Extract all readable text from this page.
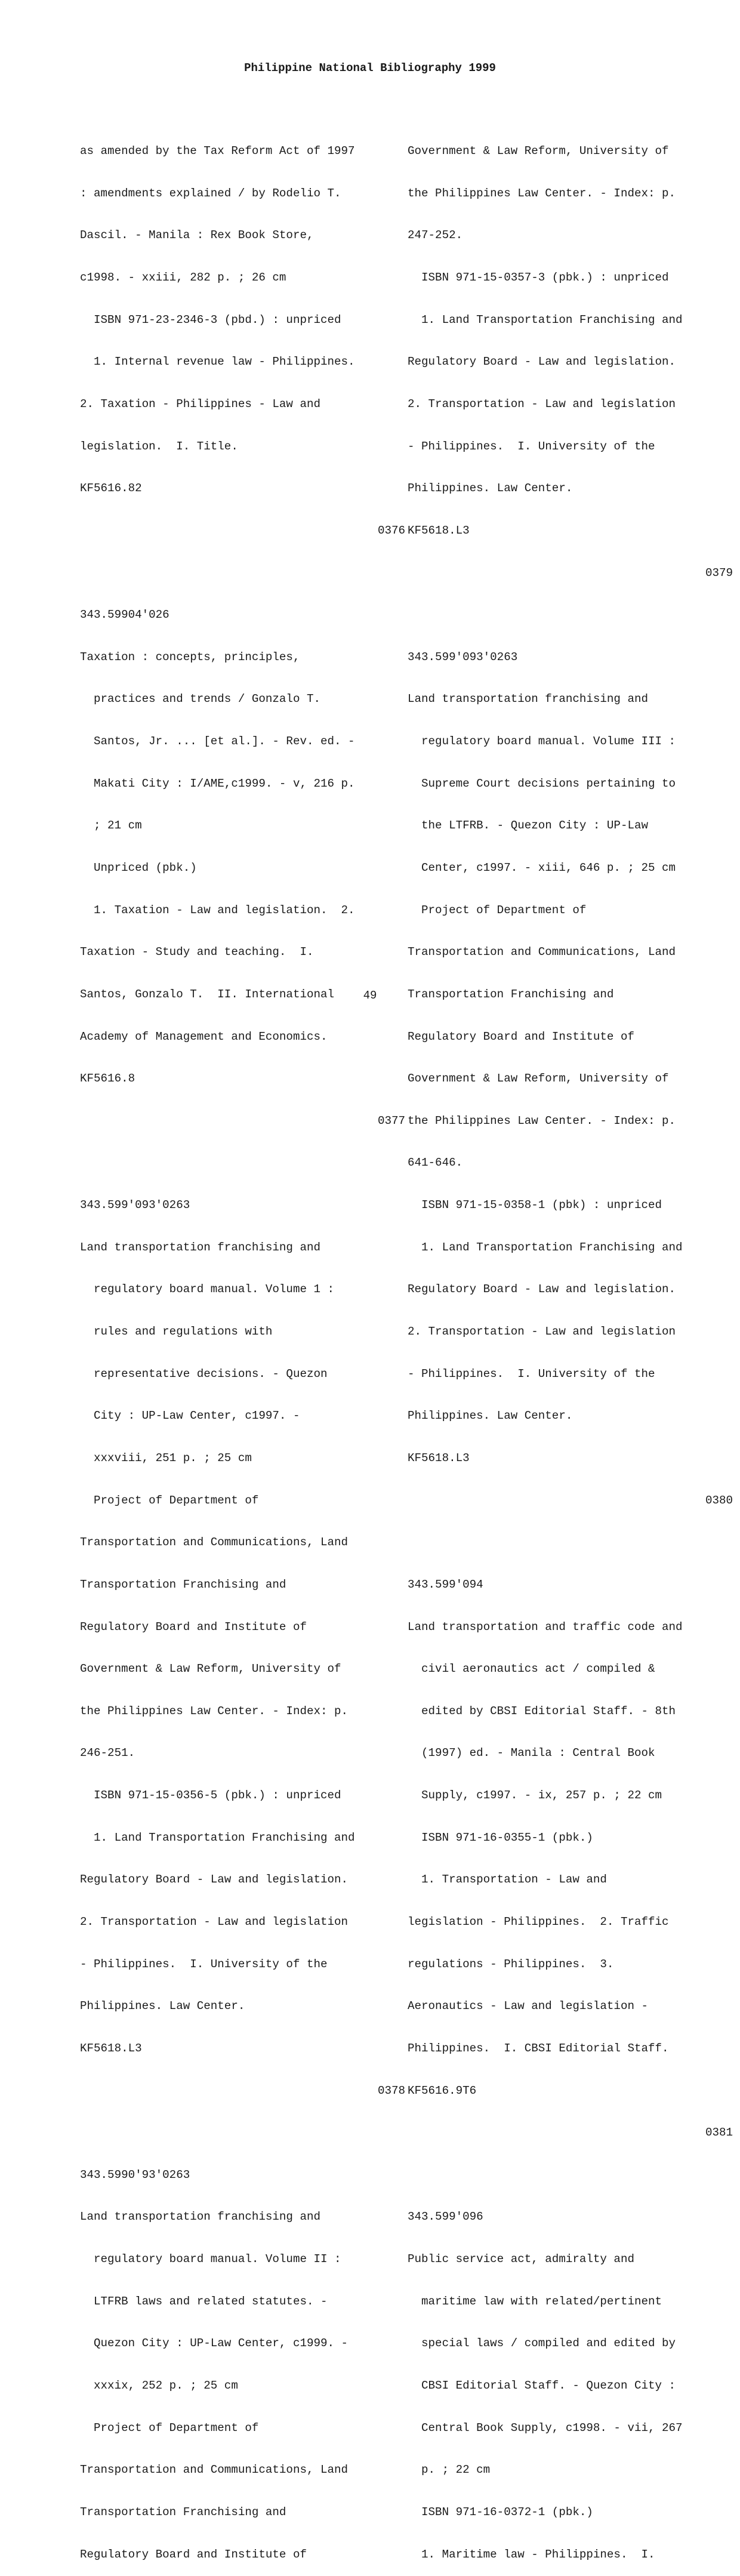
Philippine National Bibliography 1999

as amended by the Tax Reform Act of 1997

: amendments explained / by Rodelio T.

Dascil. - Manila : Rex Book Store,

c1998. - xxiii, 282 p. ; 26 cm

ISBN 971-23-2346-3 (pbd.) : unpriced

1. Internal revenue law - Philippines.

2. Taxation - Philippines - Law and

legislation.  I. Title.

KF5616.82

0376

343.59904'026

Taxation : concepts, principles,

practices and trends / Gonzalo T.

Santos, Jr. ... [et al.]. - Rev. ed. -

Makati City : I/AME,c1999. - v, 216 p.

; 21 cm

Unpriced (pbk.)

1. Taxation - Law and legislation.  2.

Taxation - Study and teaching.  I.

Santos, Gonzalo T.  II. International

Academy of Management and Economics.

KF5616.8

0377

343.599'093'0263

Land transportation franchising and

regulatory board manual. Volume 1 :

rules and regulations with

representative decisions. - Quezon

City : UP-Law Center, c1997. -

xxxviii, 251 p. ; 25 cm

Project of Department of

Transportation and Communications, Land

Transportation Franchising and

Regulatory Board and Institute of

Government & Law Reform, University of

the Philippines Law Center. - Index: p.

246-251.

ISBN 971-15-0356-5 (pbk.) : unpriced

1. Land Transportation Franchising and

Regulatory Board - Law and legislation.

2. Transportation - Law and legislation

- Philippines.  I. University of the

Philippines. Law Center.

KF5618.L3

0378

343.5990'93'0263

Land transportation franchising and

regulatory board manual. Volume II :

LTFRB laws and related statutes. -

Quezon City : UP-Law Center, c1999. -

xxxix, 252 p. ; 25 cm

Project of Department of

Transportation and Communications, Land

Transportation Franchising and

Regulatory Board and Institute of

Government & Law Reform, University of

the Philippines Law Center. - Index: p.

247-252.

ISBN 971-15-0357-3 (pbk.) : unpriced

1. Land Transportation Franchising and

Regulatory Board - Law and legislation.

2. Transportation - Law and legislation

- Philippines.  I. University of the

Philippines. Law Center.

KF5618.L3

0379

343.599'093'0263

Land transportation franchising and

regulatory board manual. Volume III :

Supreme Court decisions pertaining to

the LTFRB. - Quezon City : UP-Law

Center, c1997. - xiii, 646 p. ; 25 cm

Project of Department of

Transportation and Communications, Land

Transportation Franchising and

Regulatory Board and Institute of

Government & Law Reform, University of

the Philippines Law Center. - Index: p.

641-646.

ISBN 971-15-0358-1 (pbk) : unpriced

1. Land Transportation Franchising and

Regulatory Board - Law and legislation.

2. Transportation - Law and legislation

- Philippines.  I. University of the

Philippines. Law Center.

KF5618.L3

0380

343.599'094

Land transportation and traffic code and

civil aeronautics act / compiled &

edited by CBSI Editorial Staff. - 8th

(1997) ed. - Manila : Central Book

Supply, c1997. - ix, 257 p. ; 22 cm

ISBN 971-16-0355-1 (pbk.)

1. Transportation - Law and

legislation - Philippines.  2. Traffic

regulations - Philippines.  3.

Aeronautics - Law and legislation -

Philippines.  I. CBSI Editorial Staff.

KF5616.9T6

0381

343.599'096

Public service act, admiralty and

maritime law with related/pertinent

special laws / compiled and edited by

CBSI Editorial Staff. - Quezon City :

Central Book Supply, c1998. - vii, 267

p. ; 22 cm

ISBN 971-16-0372-1 (pbk.)

1. Maritime law - Philippines.  I.

49
